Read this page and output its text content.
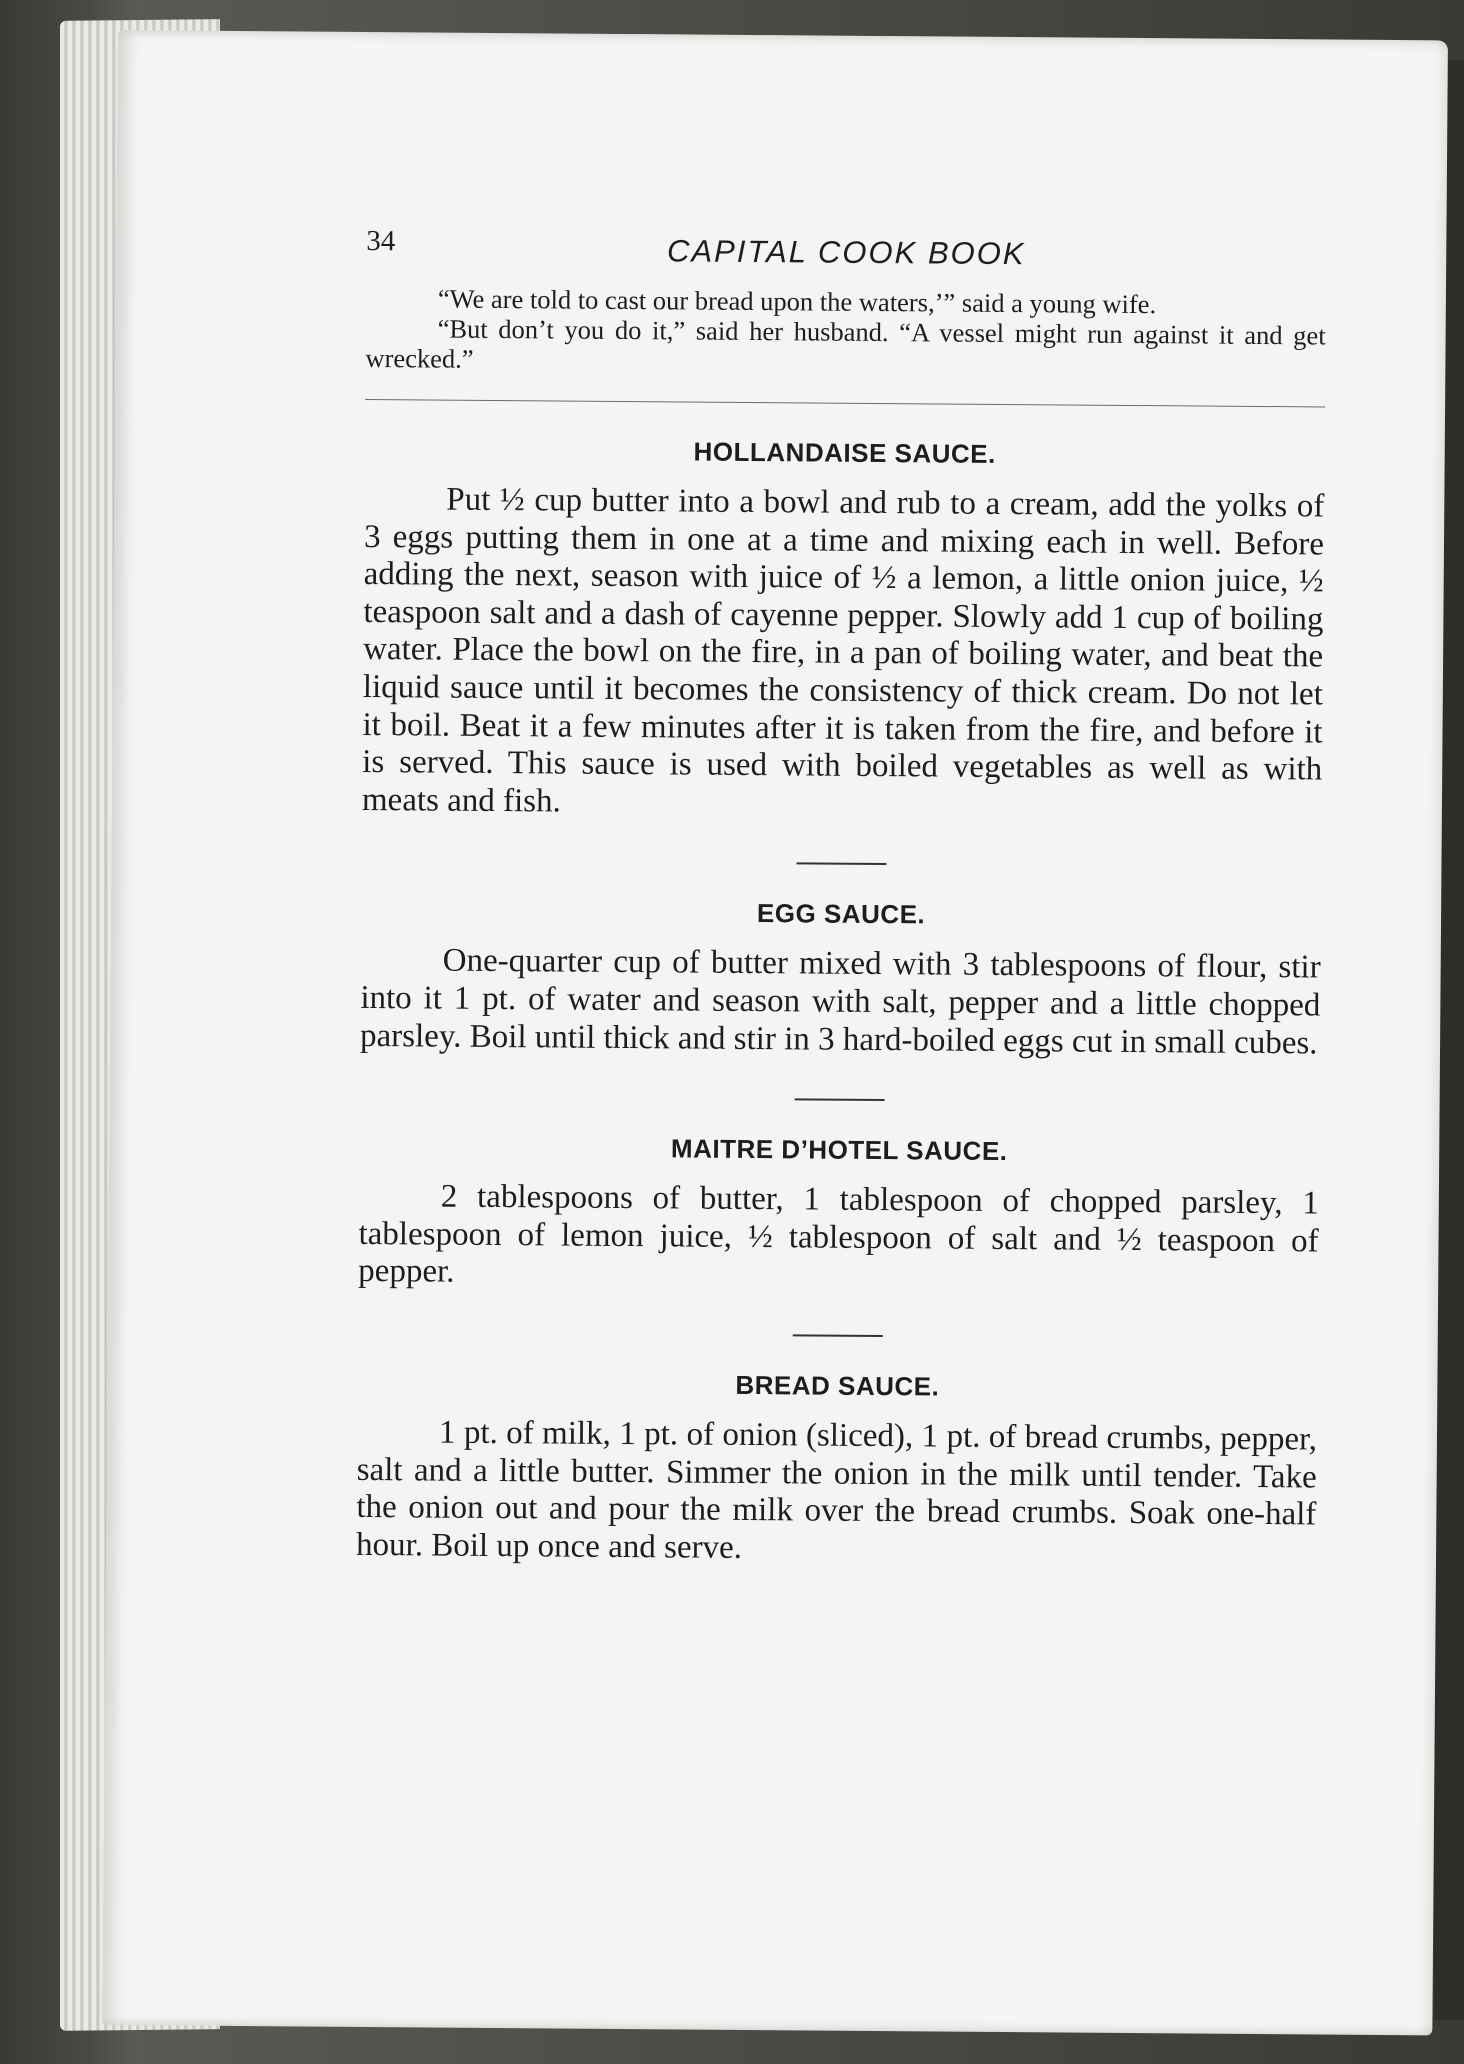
34	CAPITAL COOK BOOK

“We are told to cast our bread upon the waters,’” said a young wife.

“But don’t you do it,” said her husband. “A vessel might run against it and get wrecked.”

HOLLANDAISE SAUCE.

Put ½ cup butter into a bowl and rub to a cream, add the yolks of 3 eggs putting them in one at a time and mixing each in well. Before adding the next, season with juice of ½ a lemon, a little onion juice, ½ teaspoon salt and a dash of cayenne pepper. Slowly add 1 cup of boiling water. Place the bowl on the fire, in a pan of boiling water, and beat the liquid sauce until it becomes the consistency of thick cream. Do not let it boil. Beat it a few minutes after it is taken from the fire, and before it is served. This sauce is used with boiled vegetables as well as with meats and fish.

EGG SAUCE.

One-quarter cup of butter mixed with 3 tablespoons of flour, stir into it 1 pt. of water and season with salt, pepper and a little chopped parsley. Boil until thick and stir in 3 hard-boiled eggs cut in small cubes.

MAITRE D’HOTEL SAUCE.

2 tablespoons of butter, 1 tablespoon of chopped parsley, 1 tablespoon of lemon juice, ½ tablespoon of salt and ½ teaspoon of pepper.

BREAD SAUCE.

1 pt. of milk, 1 pt. of onion (sliced), 1 pt. of bread crumbs, pepper, salt and a little butter. Simmer the onion in the milk until tender. Take the onion out and pour the milk over the bread crumbs. Soak one-half hour. Boil up once and serve.
